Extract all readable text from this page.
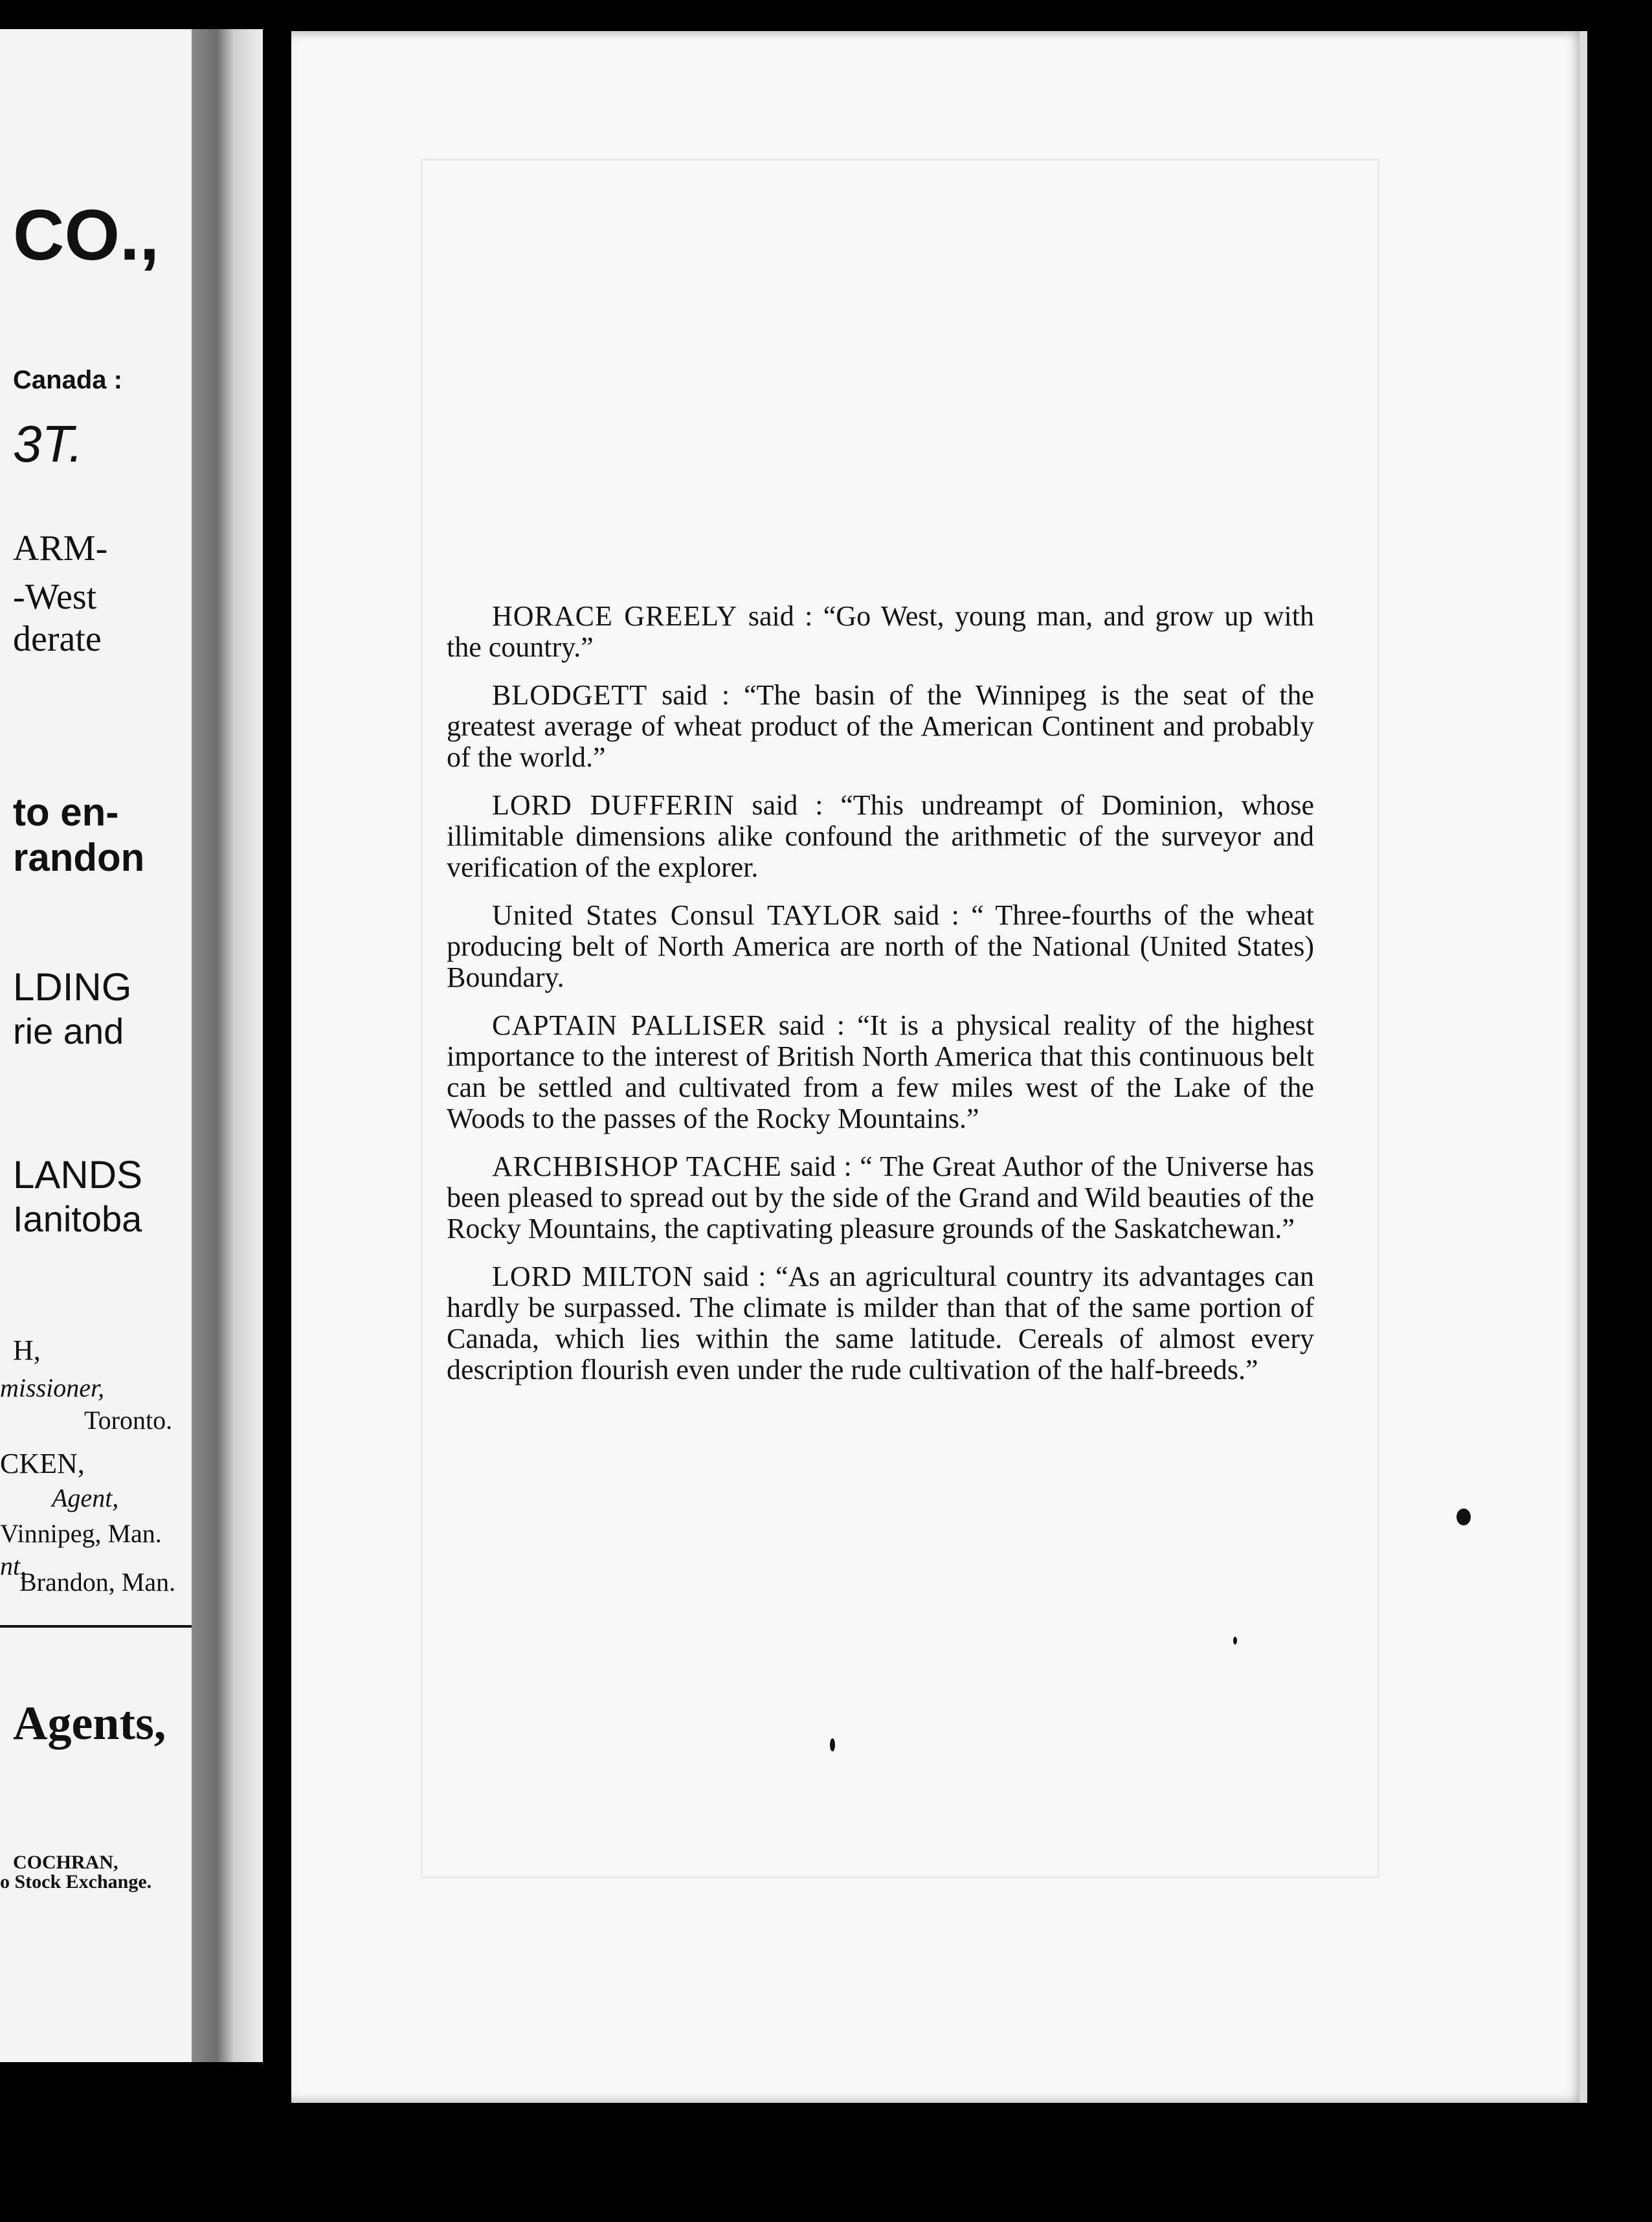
CO.,
Canada :
3T.
ARM-
-West
derate
to en-
randon
LDING
rie and
LANDS
Ianitoba
H,
missioner,
Toronto.
CKEN,
Agent,
Vinnipeg, Man.
nt,
Brandon, Man.
Agents,
COCHRAN,
o Stock Exchange.

HORACE GREELY said : “Go West, young man, and grow up with the country.”

BLODGETT said : “The basin of the Winnipeg is the seat of the greatest average of wheat product of the American Continent and probably of the world.”

LORD DUFFERIN said : “This undreampt of Dominion, whose illimitable dimensions alike confound the arithmetic of the surveyor and verification of the explorer.

United States Consul TAYLOR said : “ Three-fourths of the wheat producing belt of North America are north of the National (United States) Boundary.

CAPTAIN PALLISER said : “It is a physical reality of the highest importance to the interest of British North America that this continuous belt can be settled and cultivated from a few miles west of the Lake of the Woods to the passes of the Rocky Mountains.”

ARCHBISHOP TACHE said : “ The Great Author of the Universe has been pleased to spread out by the side of the Grand and Wild beauties of the Rocky Mountains, the captivating pleasure grounds of the Saskatchewan.”

LORD MILTON said : “As an agricultural country its advantages can hardly be surpassed. The climate is milder than that of the same portion of Canada, which lies within the same latitude. Cereals of almost every description flourish even under the rude cultivation of the half-breeds.”
